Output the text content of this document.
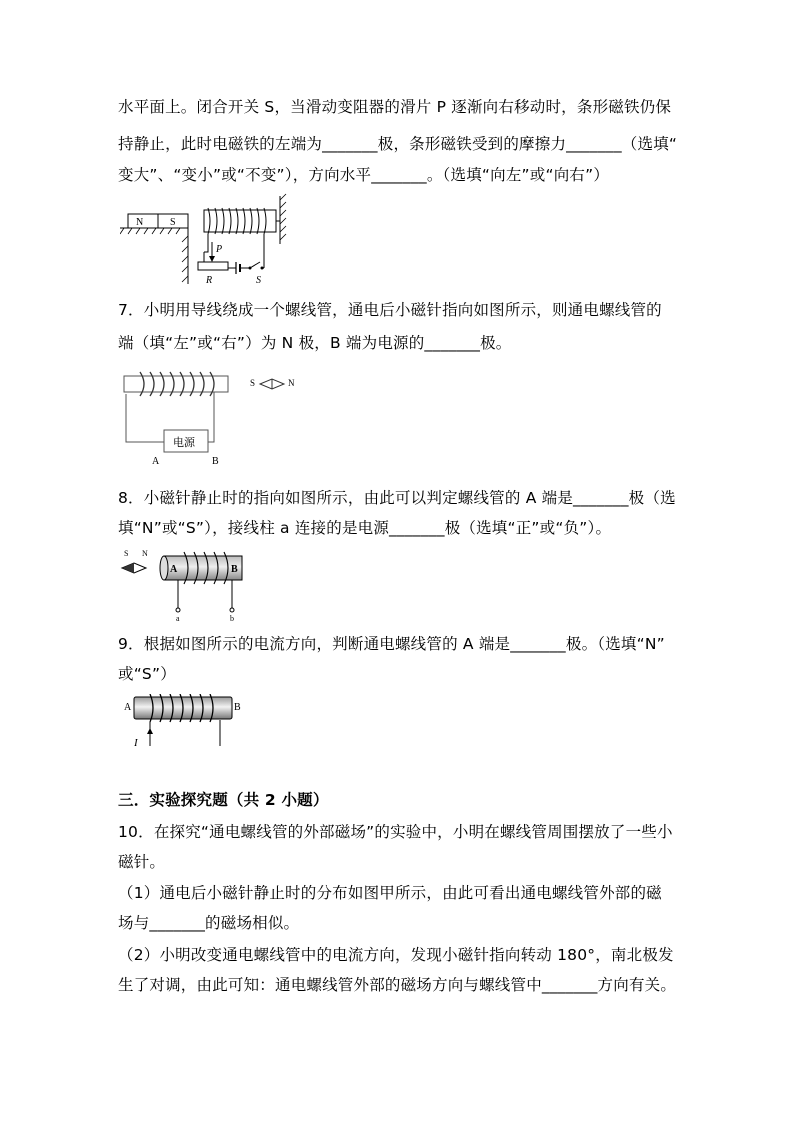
水平面上。闭合开关 S，当滑动变阻器的滑片 P 逐渐向右移动时，条形磁铁仍保
持静止，此时电磁铁的左端为_______极，条形磁铁受到的摩擦力_______（选填“
变大”、“变小”或“不变”），方向水平_______。（选填“向左”或“向右”）
N	S
P
R	S
7．小明用导线绕成一个螺线管，通电后小磁针指向如图所示，则通电螺线管的
端（填“左”或“右”）为 N 极，B 端为电源的_______极。
电源
A	B
S	N
8．小磁针静止时的指向如图所示，由此可以判定螺线管的 A 端是_______极（选
填“N”或“S”），接线柱 a 连接的是电源_______极（选填“正”或“负”）。
S N
A	B
a	b
9．根据如图所示的电流方向，判断通电螺线管的 A 端是_______极。（选填“N”
或“S”）
A	B
I
三．实验探究题（共 2 小题）
10．在探究“通电螺线管的外部磁场”的实验中，小明在螺线管周围摆放了一些小
磁针。
（1）通电后小磁针静止时的分布如图甲所示，由此可看出通电螺线管外部的磁
场与_______的磁场相似。
（2）小明改变通电螺线管中的电流方向，发现小磁针指向转动 180°，南北极发
生了对调，由此可知：通电螺线管外部的磁场方向与螺线管中_______方向有关。
